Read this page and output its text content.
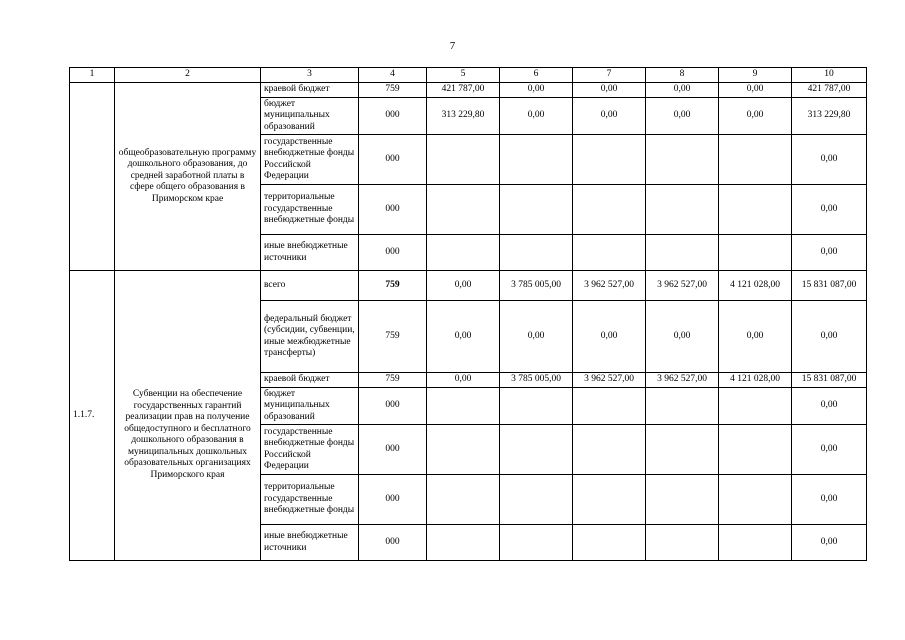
7
1	2	3	4	5	6	7	8	9	10
	общеобразовательную программу дошкольного образования, до средней заработной платы в сфере общего образования в Приморском крае	краевой бюджет	759	421 787,00	0,00	0,00	0,00	0,00	421 787,00
		бюджет муниципальных образований	000	313 229,80	0,00	0,00	0,00	0,00	313 229,80
		государственные внебюджетные фонды Российской Федерации	000						0,00
		территориальные государственные внебюджетные фонды	000						0,00
		иные внебюджетные источники	000						0,00
1.1.7.	Субвенции на обеспечение государственных гарантий реализации прав на получение общедоступного и бесплатного дошкольного образования в муниципальных дошкольных образовательных организациях Приморского края	всего	759	0,00	3 785 005,00	3 962 527,00	3 962 527,00	4 121 028,00	15 831 087,00
		федеральный бюджет (субсидии, субвенции, иные межбюджетные трансферты)	759	0,00	0,00	0,00	0,00	0,00	0,00
		краевой бюджет	759	0,00	3 785 005,00	3 962 527,00	3 962 527,00	4 121 028,00	15 831 087,00
		бюджет муниципальных образований	000						0,00
		государственные внебюджетные фонды Российской Федерации	000						0,00
		территориальные государственные внебюджетные фонды	000						0,00
		иные внебюджетные источники	000						0,00
